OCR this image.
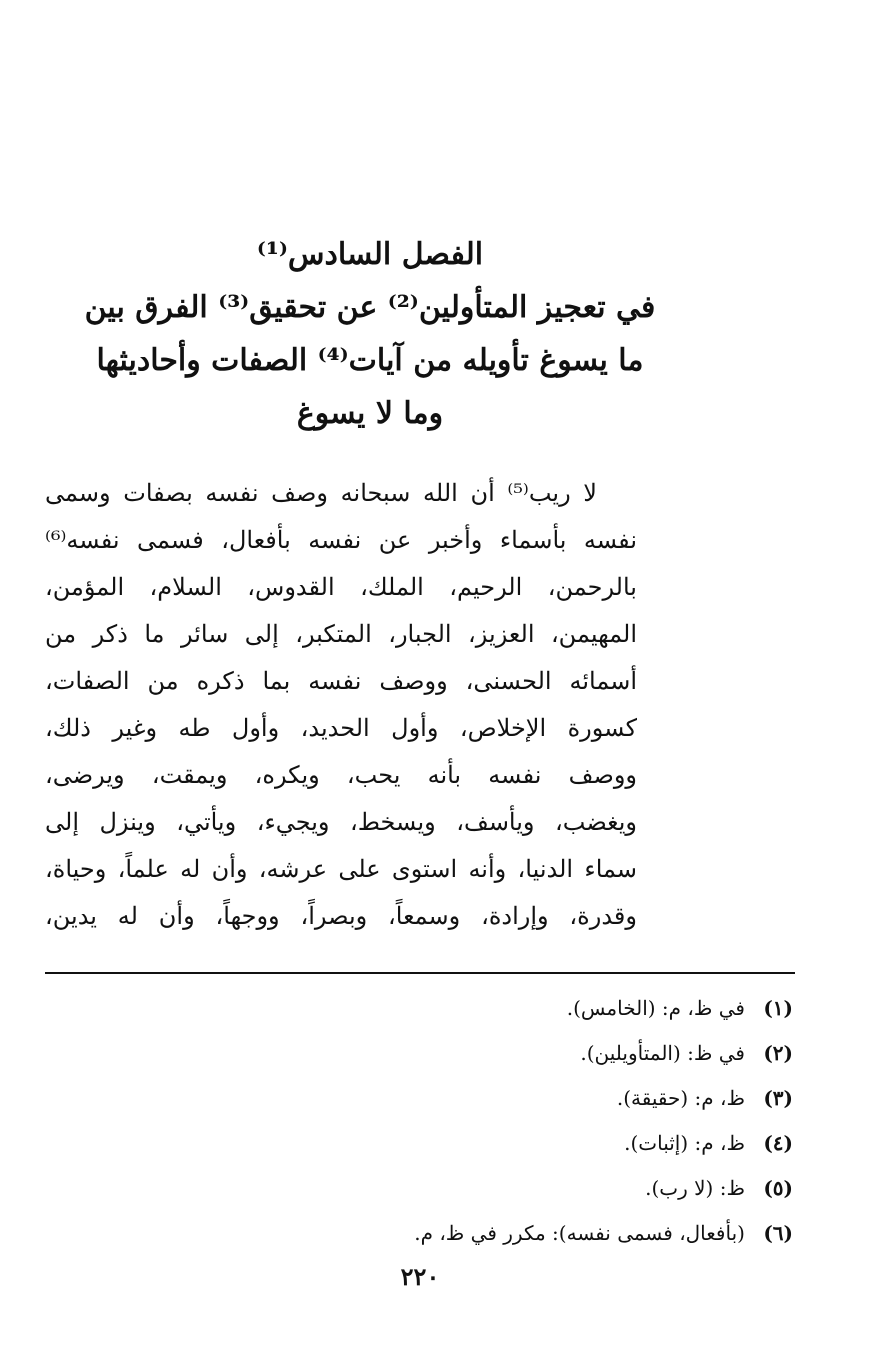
الفصل السادس⁽¹⁾
في تعجيز المتأولين⁽²⁾ عن تحقيق⁽³⁾ الفرق بين
ما يسوغ تأويله من آيات⁽⁴⁾ الصفات وأحاديثها
وما لا يسوغ
لا ريب⁽⁵⁾ أن الله سبحانه وصف نفسه بصفات وسمى
نفسه بأسماء وأخبر عن نفسه بأفعال، فسمى نفسه⁽⁶⁾
بالرحمن، الرحيم، الملك، القدوس، السلام، المؤمن،
المهيمن، العزيز، الجبار، المتكبر، إلى سائر ما ذكر من
أسمائه الحسنى، ووصف نفسه بما ذكره من الصفات،
كسورة الإخلاص، وأول الحديد، وأول طه وغير ذلك،
ووصف نفسه بأنه يحب، ويكره، ويمقت، ويرضى،
ويغضب، ويأسف، ويسخط، ويجيء، ويأتي، وينزل إلى
سماء الدنيا، وأنه استوى على عرشه، وأن له علماً، وحياة،
وقدرة، وإرادة، وسمعاً، وبصراً، ووجهاً، وأن له يدين،
(١) في ظ، م: (الخامس).
(٢) في ظ: (المتأويلين).
(٣) ظ، م: (حقيقة).
(٤) ظ، م: (إثبات).
(٥) ظ: (لا رب).
(٦) (بأفعال، فسمى نفسه): مكرر في ظ، م.
٢٢٠
